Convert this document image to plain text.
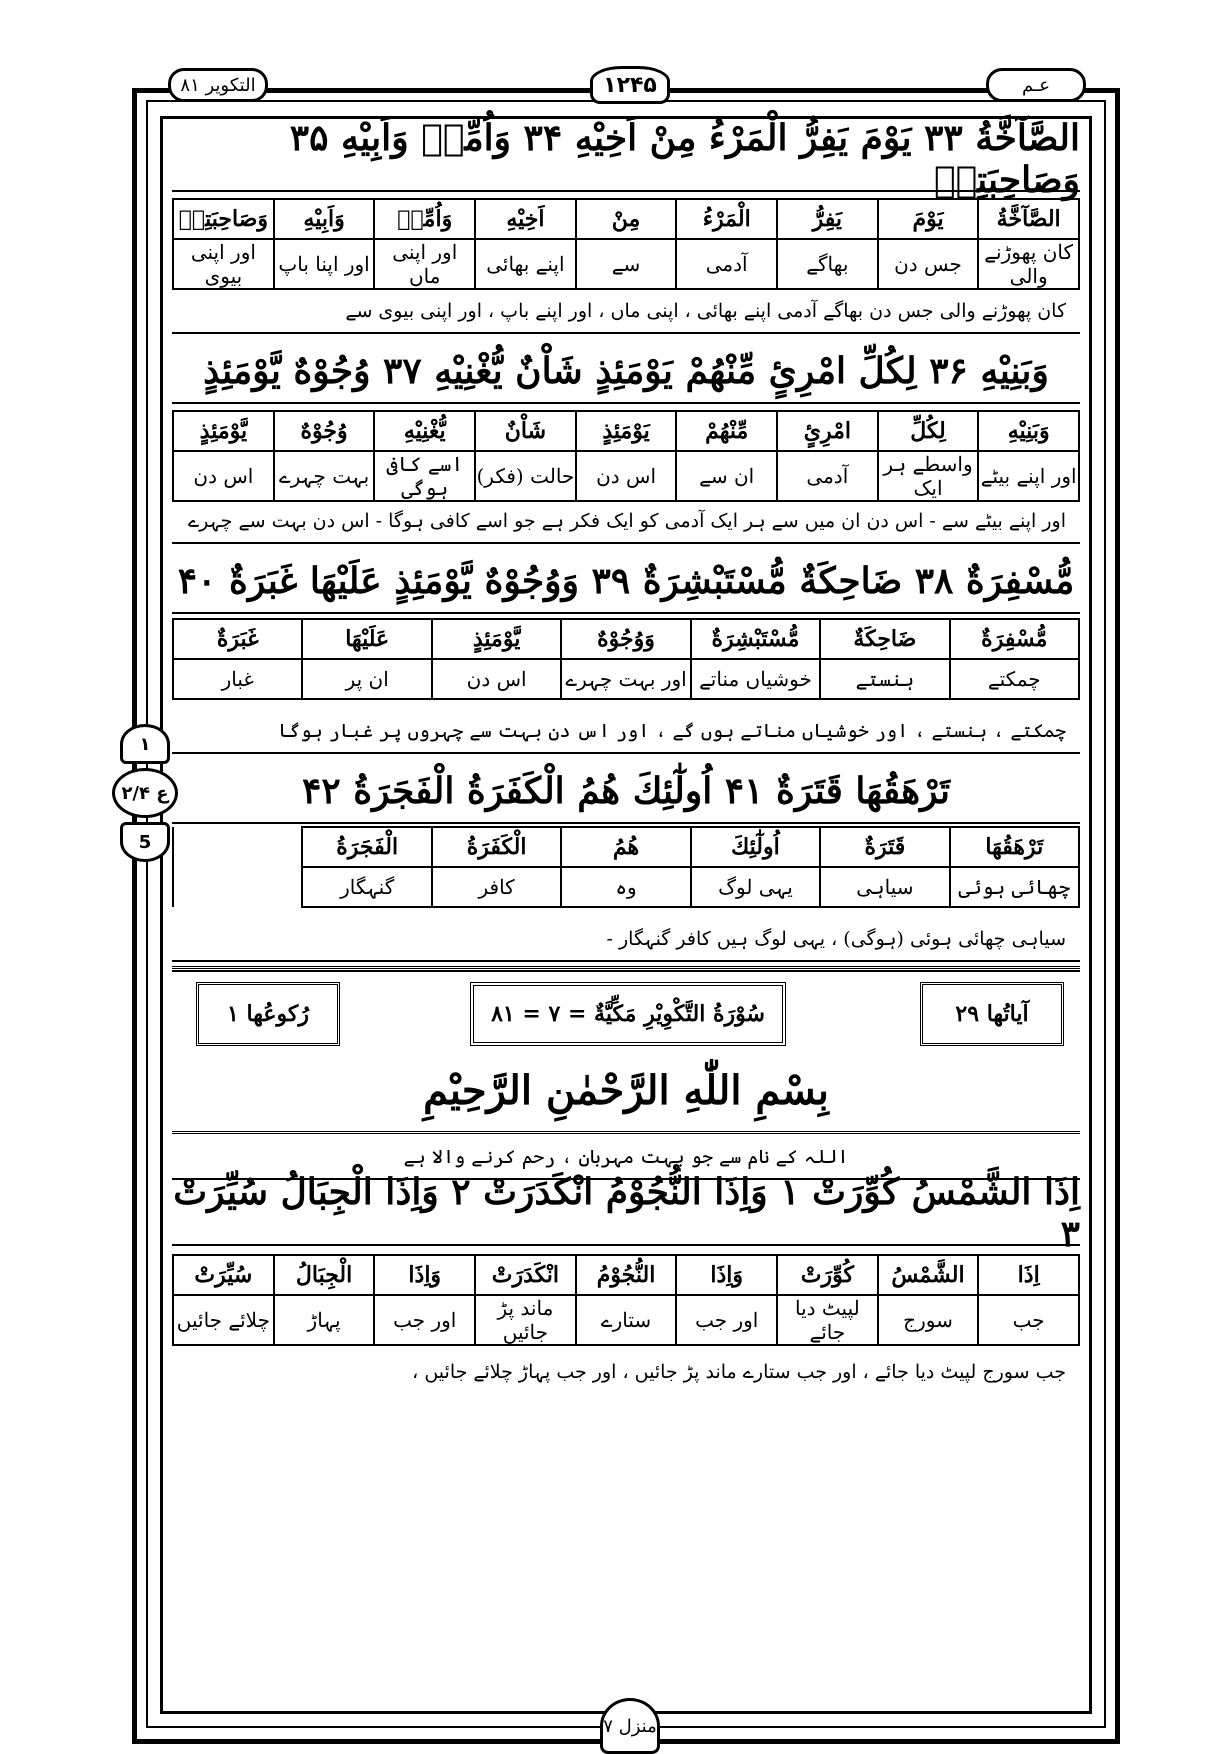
التکویر ۸۱	۱۲۴۵	عـم
الصَّآخَّةُ ۳۳ يَوْمَ يَفِرُّ الْمَرْءُ مِنْ اَخِيْهِ ۳۴ وَاُمِّهٖ وَاَبِيْهِ ۳۵ وَصَاحِبَتِهٖ
الصَّآخَّةُ	يَوْمَ	يَفِرُّ	الْمَرْءُ	مِنْ	اَخِيْهِ	وَاُمِّهٖ	وَاَبِيْهِ	وَصَاحِبَتِهٖ
کان پھوڑنے والی	جس دن	بھاگے	آدمی	سے	اپنے بھائی	اور اپنی ماں	اور اپنا باپ	اور اپنی بیوی
کان پھوڑنے والی جس دن بھاگے آدمی اپنے بھائی ، اپنی ماں ، اور اپنے باپ ، اور اپنی بیوی سے
وَبَنِيْهِ ۳۶ لِكُلِّ امْرِئٍ مِّنْهُمْ يَوْمَئِذٍ شَاْنٌ يُّغْنِيْهِ ۳۷ وُجُوْهٌ يَّوْمَئِذٍ
وَبَنِيْهِ	لِكُلِّ	امْرِئٍ	مِّنْهُمْ	يَوْمَئِذٍ	شَاْنٌ	يُّغْنِيْهِ	وُجُوْهٌ	يَّوْمَئِذٍ
اور اپنے بیٹے	واسطے ہر ایک	آدمی	ان سے	اس دن	حالت (فکر)	اسے کافی ہوگی	بہت چہرے	اس دن
اور اپنے بیٹے سے - اس دن ان میں سے ہر ایک آدمی کو ایک فکر ہے جو اسے کافی ہوگا - اس دن بہت سے چہرے
مُّسْفِرَةٌ ۳۸ ضَاحِكَةٌ مُّسْتَبْشِرَةٌ ۳۹ وَوُجُوْهٌ يَّوْمَئِذٍ عَلَيْهَا غَبَرَةٌ ۴۰
مُّسْفِرَةٌ	ضَاحِكَةٌ	مُّسْتَبْشِرَةٌ	وَوُجُوْهٌ	يَّوْمَئِذٍ	عَلَيْهَا	غَبَرَةٌ
چمکتے	ہنستے	خوشیاں مناتے	اور بہت چہرے	اس دن	ان پر	غبار
چمکتے ، ہنستے ، اور خوشیاں مناتے ہوں گے ، اور اس دن بہت سے چہروں پر غبار ہوگا
۱
ع ۲/۴
5
تَرْهَقُهَا قَتَرَةٌ ۴۱ اُولٰٓئِكَ هُمُ الْكَفَرَةُ الْفَجَرَةُ ۴۲
تَرْهَقُهَا	قَتَرَةٌ	اُولٰٓئِكَ	هُمُ	الْكَفَرَةُ	الْفَجَرَةُ	
چھائی ہوئی	سیاہی	یہی لوگ	وہ	کافر	گنہگار	
سیاہی چھائی ہوئی (ہوگی) ، یہی لوگ ہیں کافر گنہگار -
آیاتُها ۲۹
۸۱ = سُوْرَةُ التَّكْوِيْرِ مَكِّيَّةٌ = ۷
رُکوعُها ۱
بِسْمِ اللّٰهِ الرَّحْمٰنِ الرَّحِيْمِ
اللہ کے نام سے جو بہت مہربان ، رحم کرنے والا ہے
اِذَا الشَّمْسُ كُوِّرَتْ ۱ وَاِذَا النُّجُوْمُ انْكَدَرَتْ ۲ وَاِذَا الْجِبَالُ سُيِّرَتْ ۳
اِذَا	الشَّمْسُ	كُوِّرَتْ	وَاِذَا	النُّجُوْمُ	انْكَدَرَتْ	وَاِذَا	الْجِبَالُ	سُيِّرَتْ
جب	سورج	لپیٹ دیا جائے	اور جب	ستارے	ماند پڑ جائیں	اور جب	پہاڑ	چلائے جائیں
جب سورج لپیٹ دیا جائے ، اور جب ستارے ماند پڑ جائیں ، اور جب پہاڑ چلائے جائیں ،
منزل ۷
